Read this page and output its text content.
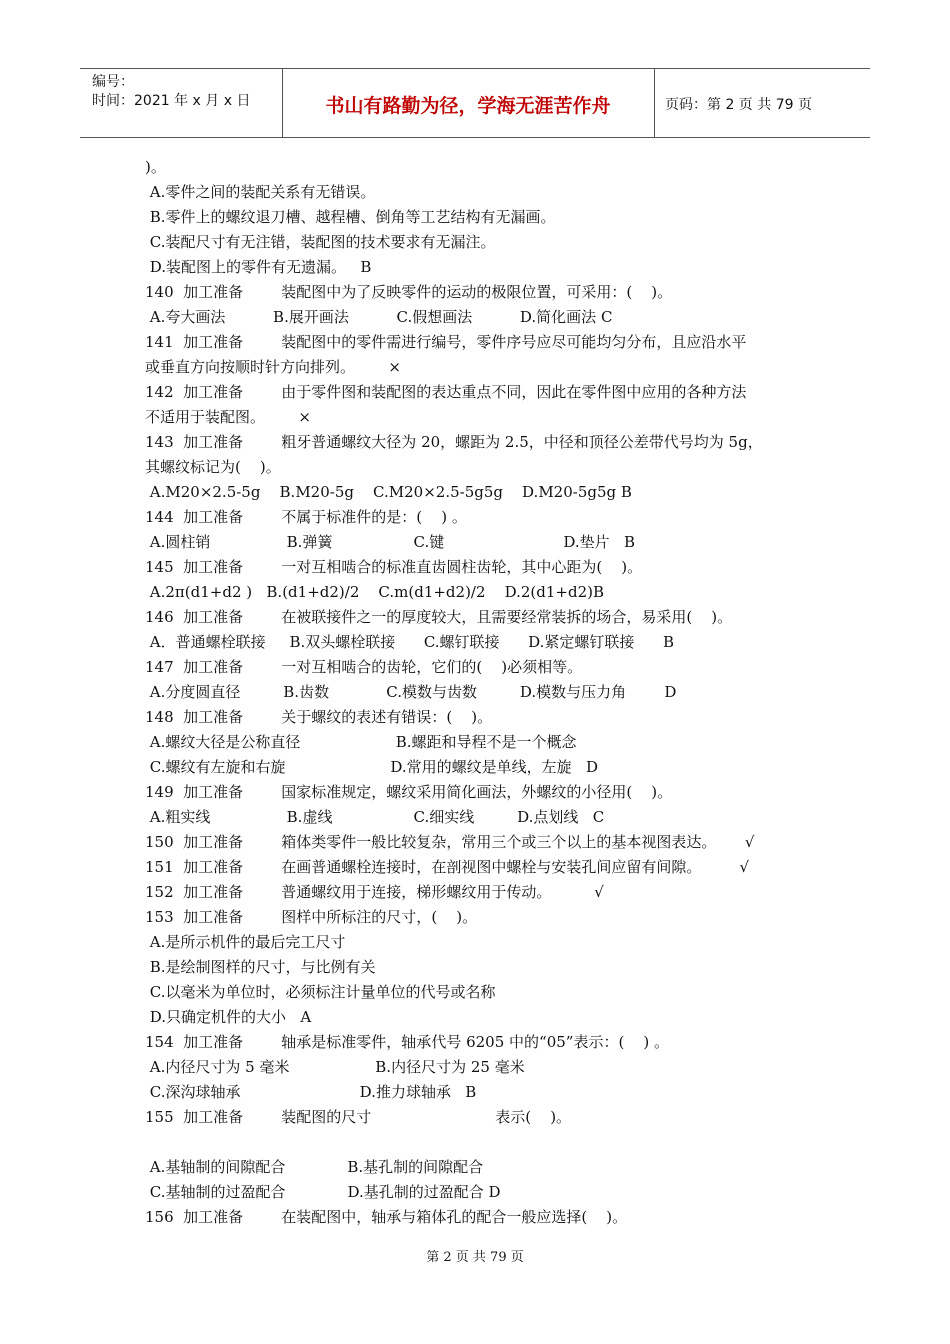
编号：
时间：2021 年 x 月 x 日	书山有路勤为径，学海无涯苦作舟	页码：第 2 页 共 79 页
)。
A.零件之间的装配关系有无错误。
B.零件上的螺纹退刀槽、越程槽、倒角等工艺结构有无漏画。
C.装配尺寸有无注错，装配图的技术要求有无漏注。
D.装配图上的零件有无遗漏。   B
140  加工准备        装配图中为了反映零件的运动的极限位置，可采用：(    )。
A.夸大画法          B.展开画法          C.假想画法          D.简化画法 C
141  加工准备        装配图中的零件需进行编号，零件序号应尽可能均匀分布，且应沿水平
或垂直方向按顺时针方向排列。       ×
142  加工准备        由于零件图和装配图的表达重点不同，因此在零件图中应用的各种方法
不适用于装配图。       ×
143  加工准备        粗牙普通螺纹大径为 20，螺距为 2.5，中径和顶径公差带代号均为 5g，
其螺纹标记为(    )。
A.M20×2.5-5g    B.M20-5g    C.M20×2.5-5g5g    D.M20-5g5g B
144  加工准备        不属于标准件的是：(    ) 。
A.圆柱销                B.弹簧                 C.键                         D.垫片   B
145  加工准备        一对互相啮合的标准直齿圆柱齿轮，其中心距为(    )。
A.2π(d1+d2 )   B.(d1+d2)/2    C.m(d1+d2)/2    D.2(d1+d2)B
146  加工准备        在被联接件之一的厚度较大，且需要经常装拆的场合，易采用(    )。
A．普通螺栓联接     B.双头螺栓联接      C.螺钉联接      D.紧定螺钉联接      B
147  加工准备        一对互相啮合的齿轮，它们的(    )必须相等。
A.分度圆直径         B.齿数            C.模数与齿数         D.模数与压力角        D
148  加工准备        关于螺纹的表述有错误：(    )。
A.螺纹大径是公称直径                    B.螺距和导程不是一个概念
C.螺纹有左旋和右旋                      D.常用的螺纹是单线，左旋   D
149  加工准备        国家标准规定，螺纹采用简化画法，外螺纹的小径用(    )。
A.粗实线                B.虚线                 C.细实线         D.点划线   C
150  加工准备        箱体类零件一般比较复杂，常用三个或三个以上的基本视图表达。      √
151  加工准备        在画普通螺栓连接时，在剖视图中螺栓与安装孔间应留有间隙。        √
152  加工准备        普通螺纹用于连接，梯形螺纹用于传动。         √
153  加工准备        图样中所标注的尺寸，(    )。
A.是所示机件的最后完工尺寸
B.是绘制图样的尺寸，与比例有关
C.以毫米为单位时，必须标注计量单位的代号或名称
D.只确定机件的大小   A
154  加工准备        轴承是标准零件，轴承代号 6205 中的“05”表示：(    ) 。
A.内径尺寸为 5 毫米                  B.内径尺寸为 25 毫米
C.深沟球轴承                         D.推力球轴承   B
155  加工准备        装配图的尺寸                          表示(    )。
A.基轴制的间隙配合             B.基孔制的间隙配合
C.基轴制的过盈配合             D.基孔制的过盈配合 D
156  加工准备        在装配图中，轴承与箱体孔的配合一般应选择(    )。
第 2 页 共 79 页
